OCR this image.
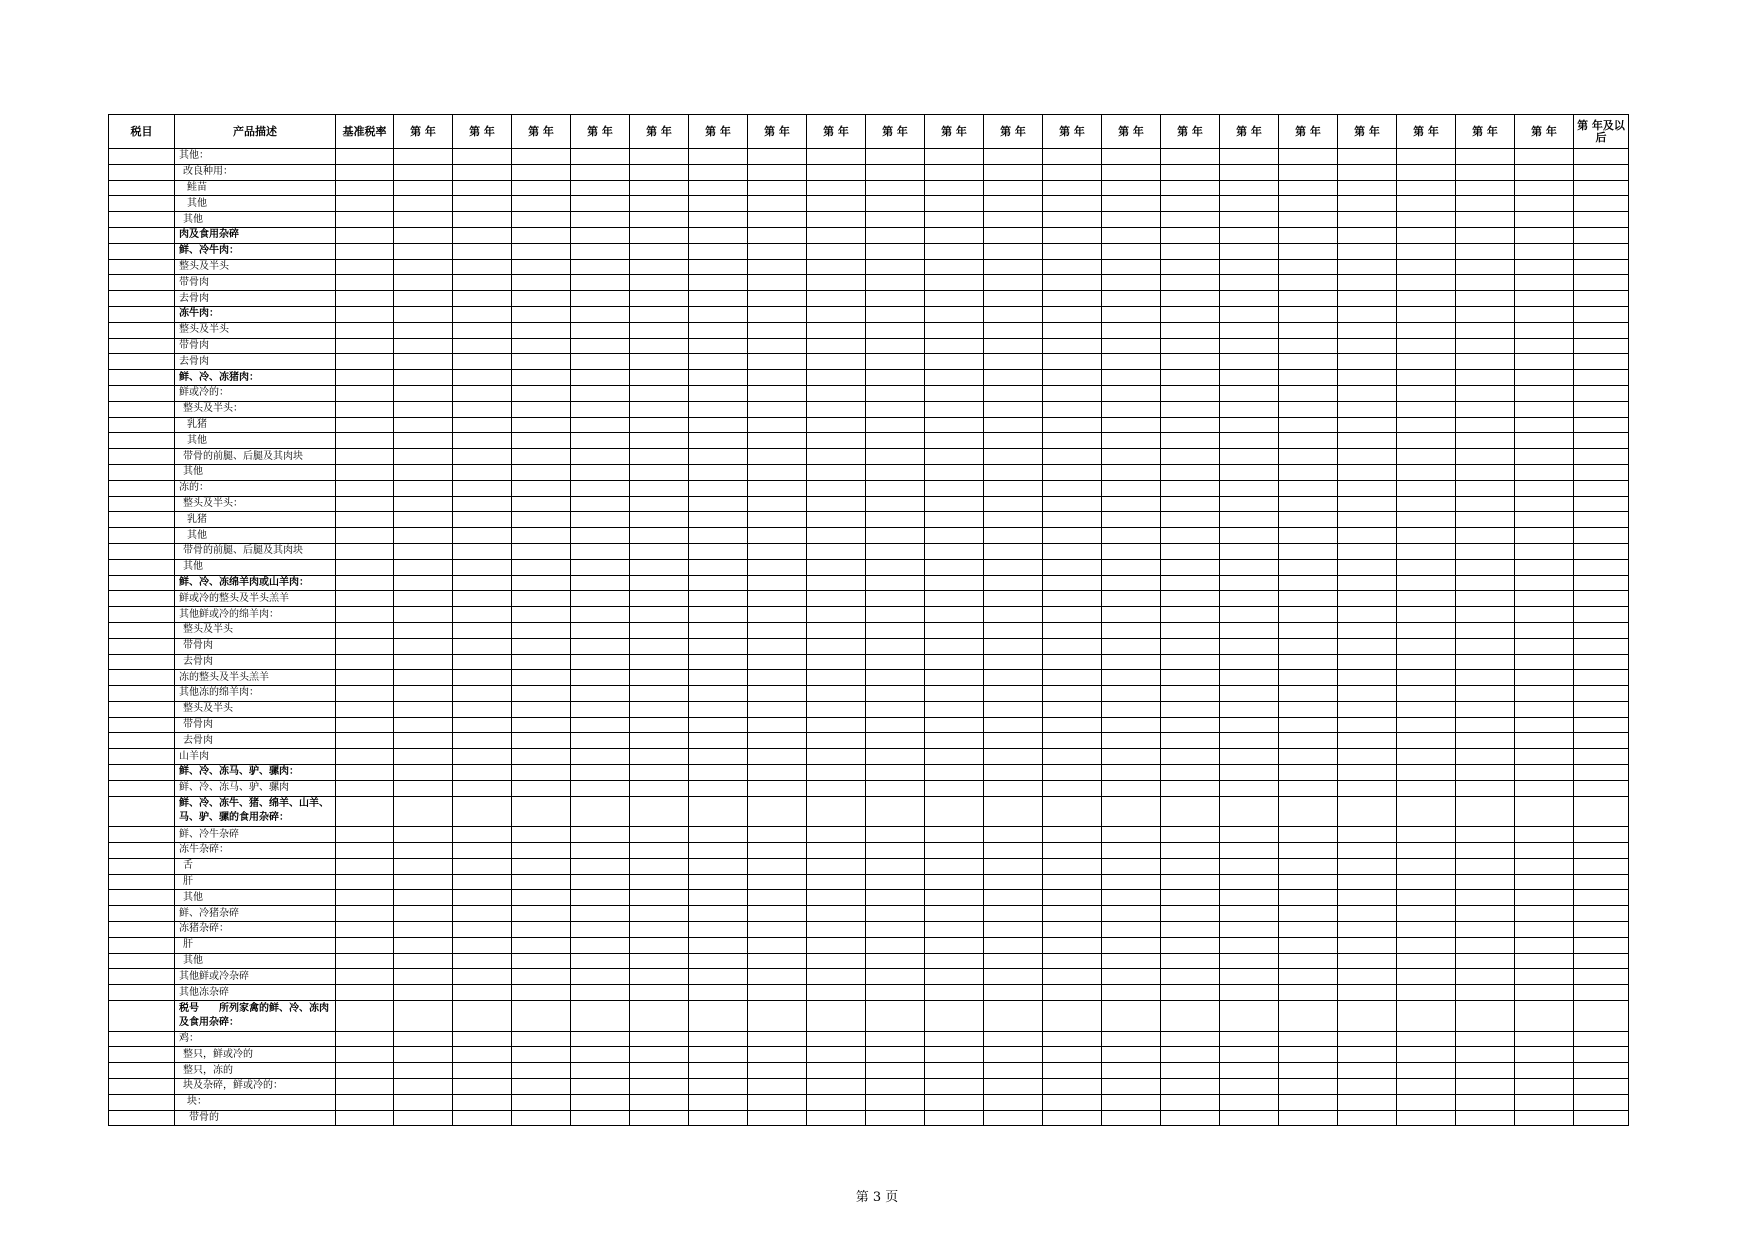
税目	产品描述	基准税率	第 年	第 年	第 年	第 年	第 年	第 年	第 年	第 年	第 年	第 年	第 年	第 年	第 年	第 年	第 年	第 年	第 年	第 年	第 年	第 年	第 年及以后
	其他：																						
	改良种用：																						
	鲑苗																						
	其他																						
	其他																						
	肉及食用杂碎																						
	鲜、冷牛肉：																						
	整头及半头																						
	带骨肉																						
	去骨肉																						
	冻牛肉：																						
	整头及半头																						
	带骨肉																						
	去骨肉																						
	鲜、冷、冻猪肉：																						
	鲜或冷的：																						
	整头及半头：																						
	乳猪																						
	其他																						
	带骨的前腿、后腿及其肉块																						
	其他																						
	冻的：																						
	整头及半头：																						
	乳猪																						
	其他																						
	带骨的前腿、后腿及其肉块																						
	其他																						
	鲜、冷、冻绵羊肉或山羊肉：																						
	鲜或冷的整头及半头羔羊																						
	其他鲜或冷的绵羊肉：																						
	整头及半头																						
	带骨肉																						
	去骨肉																						
	冻的整头及半头羔羊																						
	其他冻的绵羊肉：																						
	整头及半头																						
	带骨肉																						
	去骨肉																						
	山羊肉																						
	鲜、冷、冻马、驴、骡肉：																						
	鲜、冷、冻马、驴、骡肉																						
	鲜、冷、冻牛、猪、绵羊、山羊、马、驴、骡的食用杂碎：																						
	鲜、冷牛杂碎																						
	冻牛杂碎：																						
	舌																						
	肝																						
	其他																						
	鲜、冷猪杂碎																						
	冻猪杂碎：																						
	肝																						
	其他																						
	其他鲜或冷杂碎																						
	其他冻杂碎																						
	税号　　所列家禽的鲜、冷、冻肉及食用杂碎：																						
	鸡：																						
	整只，鲜或冷的																						
	整只，冻的																						
	块及杂碎，鲜或冷的：																						
	块：																						
	带骨的																						
第 3 页
